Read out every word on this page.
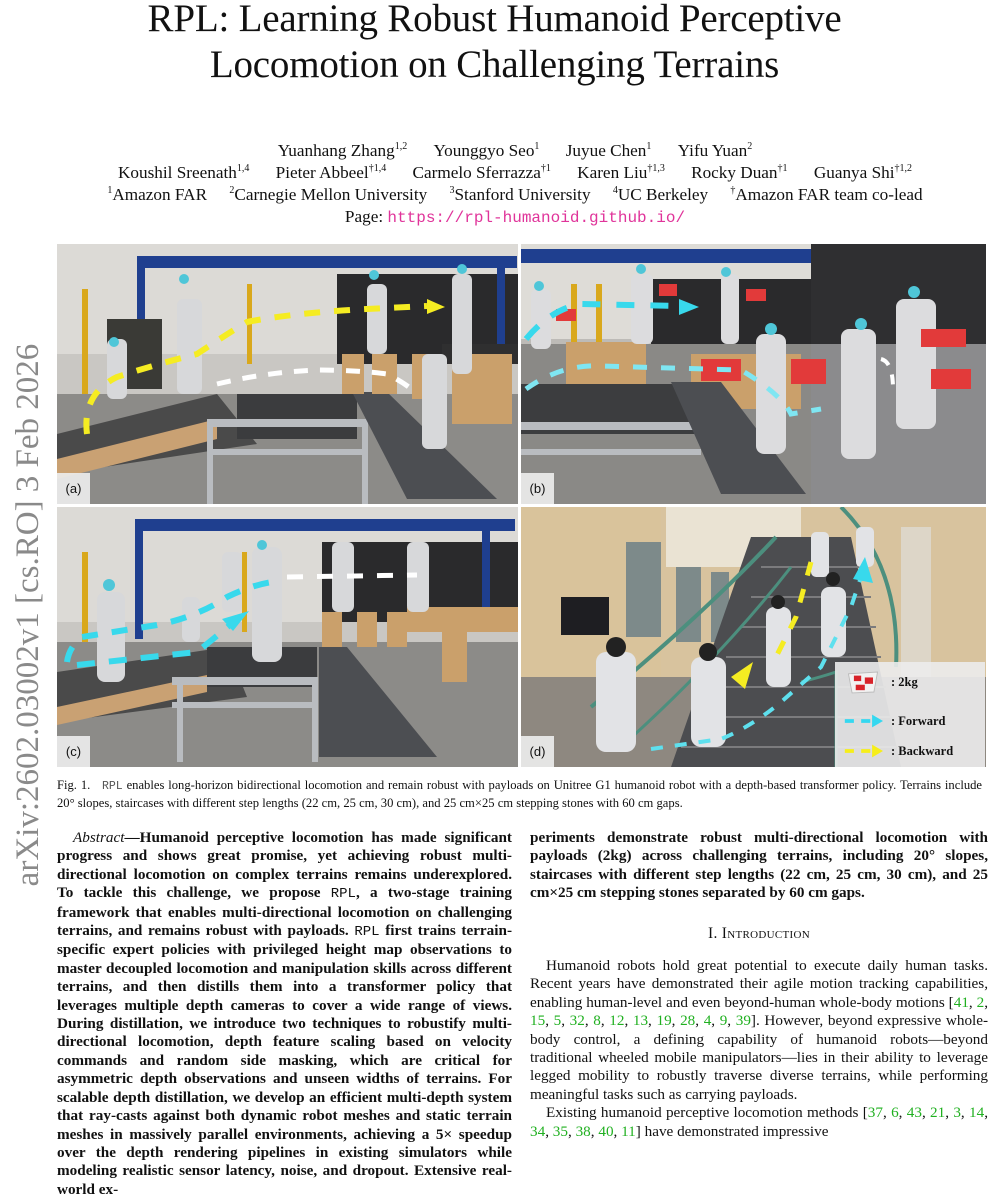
RPL: Learning Robust Humanoid Perceptive
Locomotion on Challenging Terrains
Yuanhang Zhang$^{1,2}$ Younggyo Seo$^1$ Juyue Chen$^1$ Yifu Yuan$^2$
Koushil Sreenath$^{1,4}$ Pieter Abbeel$^{\dagger 1,4}$ Carmelo Sferrazza$^{\dagger 1}$ Karen Liu$^{\dagger 1,3}$ Rocky Duan$^{\dagger 1}$ Guanya Shi$^{\dagger 1,2}$
$^1$Amazon FAR $^2$Carnegie Mellon University $^3$Stanford University $^4$UC Berkeley †Amazon FAR team co-lead
Page: https://rpl-humanoid.github.io/
arXiv:2602.03002v1 [cs.RO] 3 Feb 2026	(a)	(b)
(c)	(d)
: 2kg
: Forward
: Backward
Fig. 1. RPL enables long-horizon bidirectional locomotion and remain robust with payloads on Unitree G1 humanoid robot with a depth-based transformer policy. Terrains include 20° slopes, staircases with different step lengths (22 cm, 25 cm, 30 cm), and 25 cm×25 cm stepping stones with 60 cm gaps.
Abstract—Humanoid perceptive locomotion has made significant progress and shows great promise, yet achieving robust multi-directional locomotion on complex terrains remains underexplored. To tackle this challenge, we propose RPL, a two-stage training framework that enables multi-directional locomotion on challenging terrains, and remains robust with payloads. RPL first trains terrain-specific expert policies with privileged height map observations to master decoupled locomotion and manipulation skills across different terrains, and then distills them into a transformer policy that leverages multiple depth cameras to cover a wide range of views. During distillation, we introduce two techniques to robustify multi-directional locomotion, depth feature scaling based on velocity commands and random side masking, which are critical for asymmetric depth observations and unseen widths of terrains. For scalable depth distillation, we develop an efficient multi-depth system that ray-casts against both dynamic robot meshes and static terrain meshes in massively parallel environments, achieving a 5× speedup over the depth rendering pipelines in existing simulators while modeling realistic sensor latency, noise, and dropout. Extensive real-world ex-
periments demonstrate robust multi-directional locomotion with payloads (2kg) across challenging terrains, including 20° slopes, staircases with different step lengths (22 cm, 25 cm, 30 cm), and 25 cm×25 cm stepping stones separated by 60 cm gaps.
I. Introduction

Humanoid robots hold great potential to execute daily human tasks. Recent years have demonstrated their agile motion tracking capabilities, enabling human-level and even beyond-human whole-body motions [41, 2, 15, 5, 32, 8, 12, 13, 19, 28, 4, 9, 39]. However, beyond expressive whole-body control, a defining capability of humanoid robots—beyond traditional wheeled mobile manipulators—lies in their ability to leverage legged mobility to robustly traverse diverse terrains, while performing meaningful tasks such as carrying payloads.

Existing humanoid perceptive locomotion methods [37, 6, 43, 21, 3, 14, 34, 35, 38, 40, 11] have demonstrated impressive
